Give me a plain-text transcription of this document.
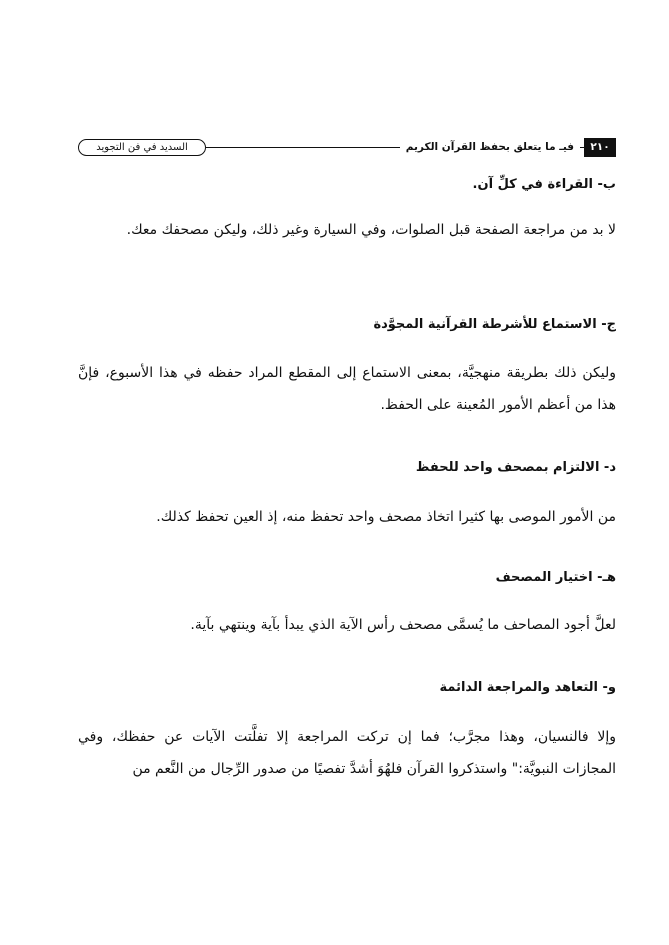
السديد في فن التجويد	فيـ ما يتعلق بحفظ القرآن الكريم	٢١٠
ب- القراءة في كلِّ آن.
لا بد من مراجعة الصفحة قبل الصلوات، وفي السيارة وغير ذلك، وليكن مصحفك معك.
ج- الاستماع للأشرطة القرآنية المجوَّدة
وليكن ذلك بطريقة منهجيَّة، بمعنى الاستماع إلى المقطع المراد حفظه في هذا الأسبوع، فإنَّ هذا من أعظم الأمور المُعينة على الحفظ.
د- الالتزام بمصحف واحد للحفظ
من الأمور الموصى بها كثيرا اتخاذ مصحف واحد تحفظ منه، إذ العين تحفظ كذلك.
هـ- اختيار المصحف
لعلَّ أجود المصاحف ما يُسمَّى مصحف رأس الآية الذي يبدأ بآية وينتهي بآية.
و- التعاهد والمراجعة الدائمة
وإلا فالنسيان، وهذا مجرَّب؛ فما إن تركت المراجعة إلا تفلَّتت الآيات عن حفظك، وفي المجازات النبويَّة:" واستذكروا القرآن فلهُوَ أشدَّ تفصيًا من صدور الرِّجال من النَّعم من
